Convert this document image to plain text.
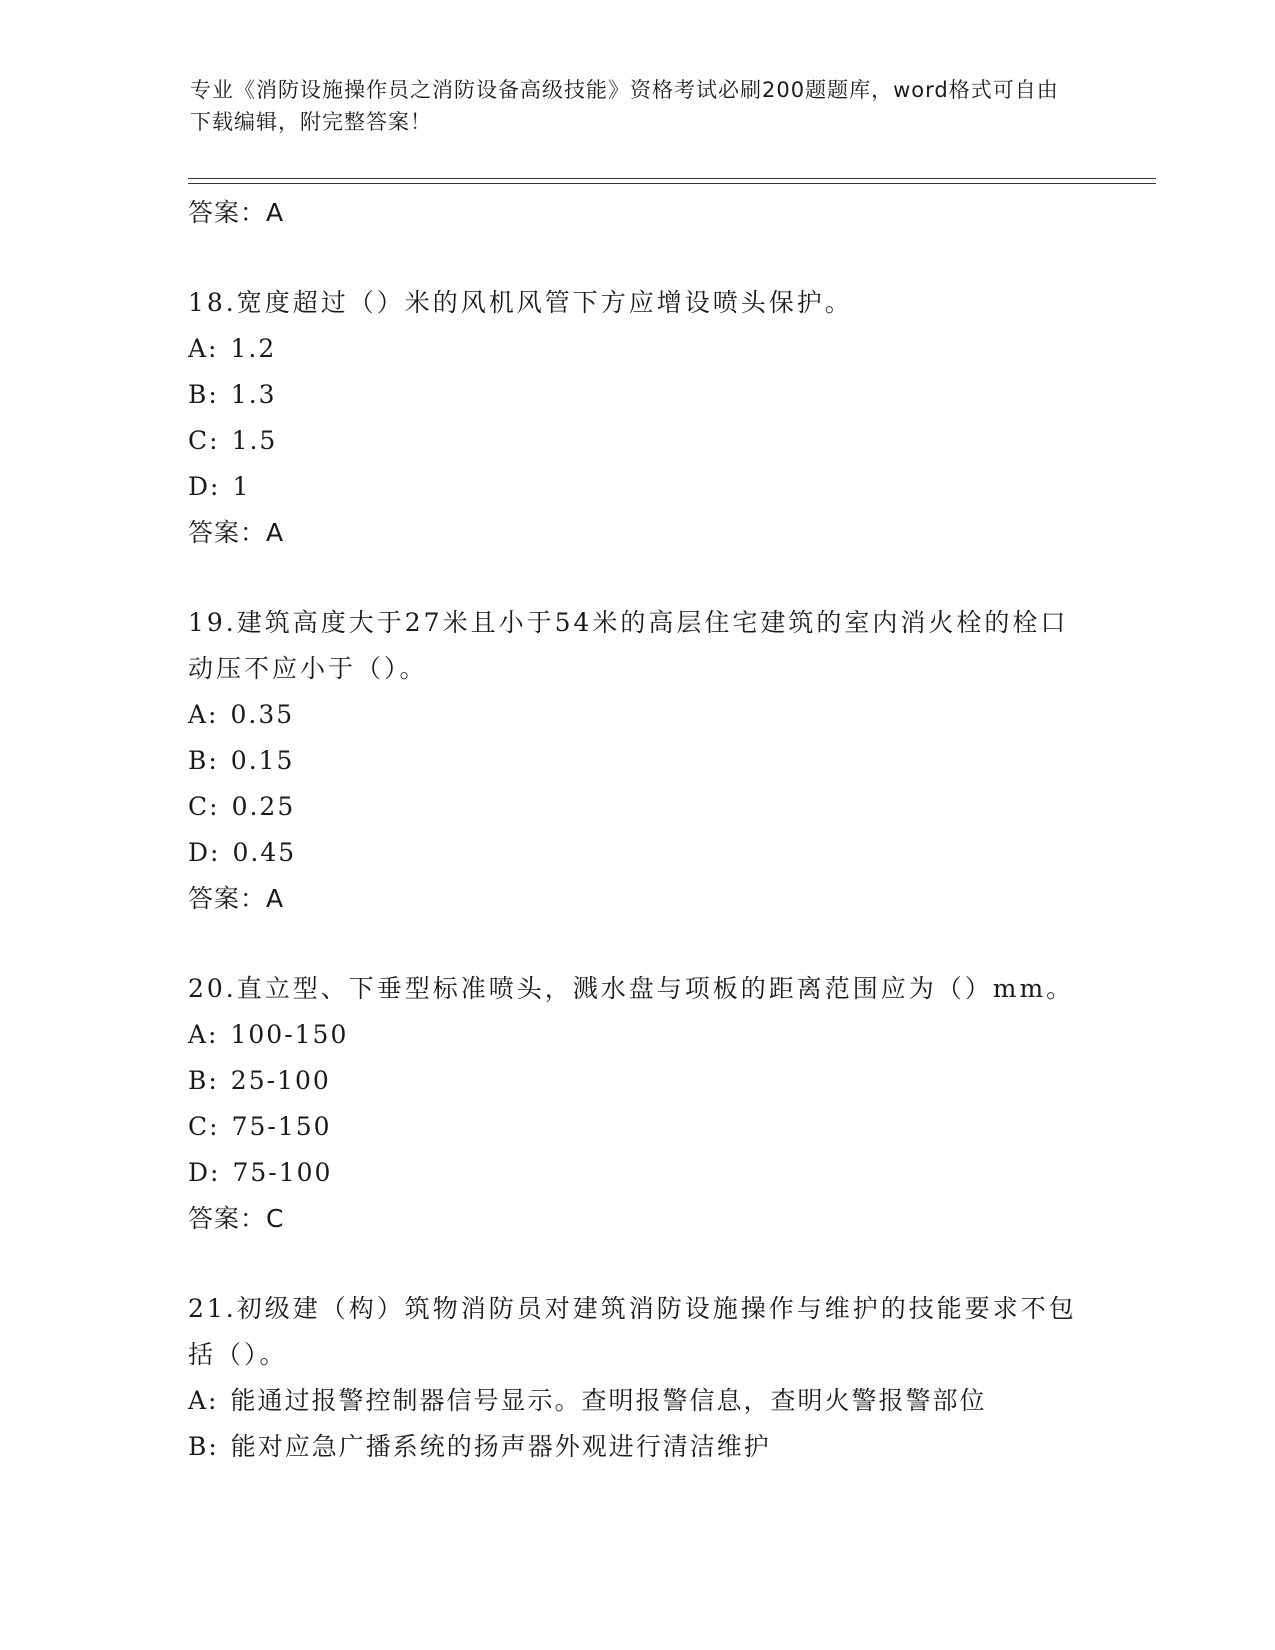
专业《消防设施操作员之消防设备高级技能》资格考试必刷200题题库，word格式可自由下载编辑，附完整答案！
答案：A
18.宽度超过（）米的风机风管下方应增设喷头保护。
A: 1.2
B: 1.3
C: 1.5
D: 1
答案：A
19.建筑高度大于27米且小于54米的高层住宅建筑的室内消火栓的栓口动压不应小于（）。
A: 0.35
B: 0.15
C: 0.25
D: 0.45
答案：A
20.直立型、下垂型标准喷头，溅水盘与项板的距离范围应为（）mm。
A: 100-150
B: 25-100
C: 75-150
D: 75-100
答案：C
21.初级建（构）筑物消防员对建筑消防设施操作与维护的技能要求不包括（）。
A: 能通过报警控制器信号显示。查明报警信息，查明火警报警部位
B: 能对应急广播系统的扬声器外观进行清洁维护
